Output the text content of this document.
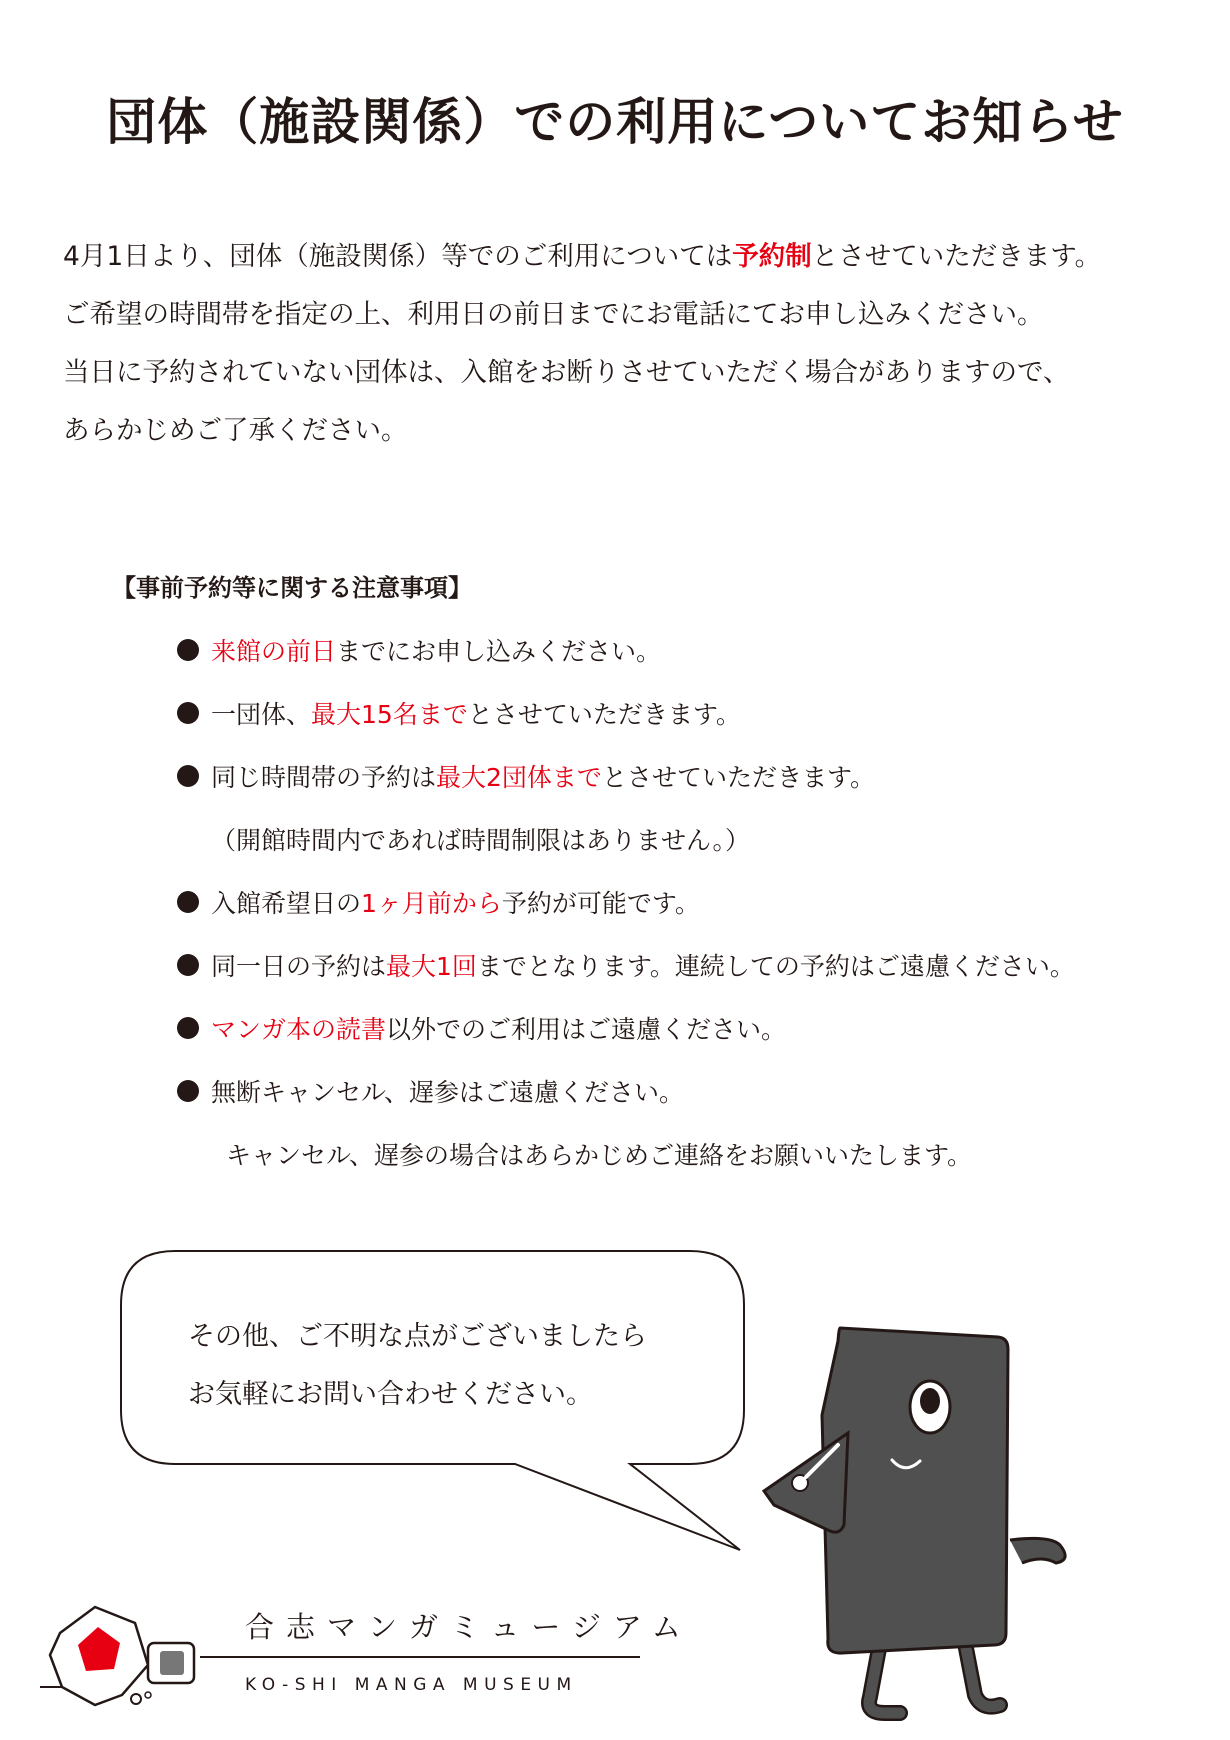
団体（施設関係）での利用についてお知らせ
4月1日より、団体（施設関係）等でのご利用については予約制とさせていただきます。
ご希望の時間帯を指定の上、利用日の前日までにお電話にてお申し込みください。
当日に予約されていない団体は、入館をお断りさせていただく場合がありますので、
あらかじめご了承ください。
【事前予約等に関する注意事項】
来館の前日までにお申し込みください。
一団体、最大15名までとさせていただきます。
同じ時間帯の予約は最大2団体までとさせていただきます。
（開館時間内であれば時間制限はありません。）
入館希望日の1ヶ月前から予約が可能です。
同一日の予約は最大1回までとなります。連続しての予約はご遠慮ください。
マンガ本の読書以外でのご利用はご遠慮ください。
無断キャンセル、遅参はご遠慮ください。
キャンセル、遅参の場合はあらかじめご連絡をお願いいたします。
その他、ご不明な点がございましたら
お気軽にお問い合わせください。
合志マンガミュージアム
KO-SHI MANGA MUSEUM
